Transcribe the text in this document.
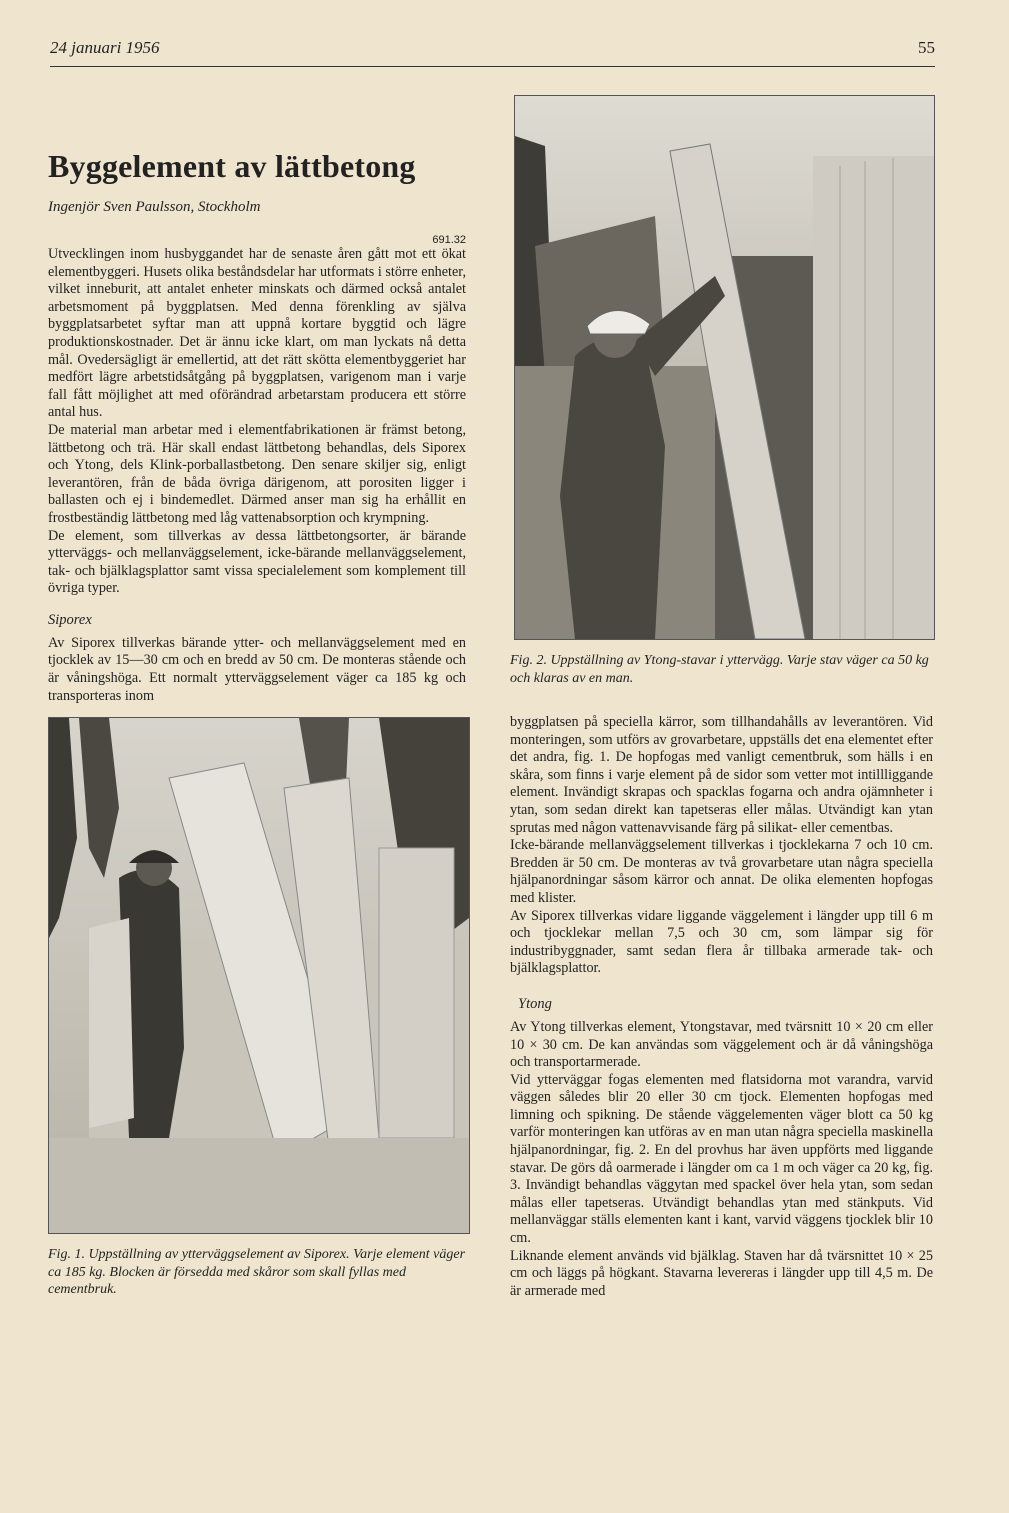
24 januari 1956	55
Byggelement av lättbetong
Ingenjör Sven Paulsson, Stockholm
691.32

Utvecklingen inom husbyggandet har de senaste åren gått mot ett ökat elementbyggeri. Husets olika beståndsdelar har utformats i större enheter, vilket inneburit, att antalet enheter minskats och därmed också antalet arbetsmoment på byggplatsen. Med denna förenkling av själva byggplatsarbetet syftar man att uppnå kortare byggtid och lägre produktionskostnader. Det är ännu icke klart, om man lyckats nå detta mål. Ovedersägligt är emellertid, att det rätt skötta elementbyggeriet har medfört lägre arbetstidsåtgång på byggplatsen, varigenom man i varje fall fått möjlighet att med oförändrad arbetarstam producera ett större antal hus.

De material man arbetar med i elementfabrikationen är främst betong, lättbetong och trä. Här skall endast lättbetong behandlas, dels Siporex och Ytong, dels Klink-porballastbetong. Den senare skiljer sig, enligt leverantören, från de båda övriga därigenom, att porositen ligger i ballasten och ej i bindemedlet. Därmed anser man sig ha erhållit en frostbeständig lättbetong med låg vattenabsorption och krympning.

De element, som tillverkas av dessa lättbetongsorter, är bärande ytterväggs- och mellanväggselement, icke-bärande mellanväggselement, tak- och bjälklagsplattor samt vissa specialelement som komplement till övriga typer.

Siporex

Av Siporex tillverkas bärande ytter- och mellanväggselement med en tjocklek av 15—30 cm och en bredd av 50 cm. De monteras stående och är våningshöga. Ett normalt ytterväggselement väger ca 185 kg och transporteras inom

Fig. 1. Uppställning av ytterväggselement av Siporex. Varje element väger ca 185 kg. Blocken är försedda med skåror som skall fyllas med cementbruk.
Fig. 2. Uppställning av Ytong-stavar i yttervägg. Varje stav väger ca 50 kg och klaras av en man.

byggplatsen på speciella kärror, som tillhandahålls av leverantören. Vid monteringen, som utförs av grovarbetare, uppställs det ena elementet efter det andra, fig. 1. De hopfogas med vanligt cementbruk, som hälls i en skåra, som finns i varje element på de sidor som vetter mot intillliggande element. Invändigt skrapas och spacklas fogarna och andra ojämnheter i ytan, som sedan direkt kan tapetseras eller målas. Utvändigt kan ytan sprutas med någon vattenavvisande färg på silikat- eller cementbas.

Icke-bärande mellanväggselement tillverkas i tjocklekarna 7 och 10 cm. Bredden är 50 cm. De monteras av två grovarbetare utan några speciella hjälpanordningar såsom kärror och annat. De olika elementen hopfogas med klister.

Av Siporex tillverkas vidare liggande väggelement i längder upp till 6 m och tjocklekar mellan 7,5 och 30 cm, som lämpar sig för industribyggnader, samt sedan flera år tillbaka armerade tak- och bjälklagsplattor.

Ytong

Av Ytong tillverkas element, Ytongstavar, med tvärsnitt 10 × 20 cm eller 10 × 30 cm. De kan användas som väggelement och är då våningshöga och transportarmerade.

Vid ytterväggar fogas elementen med flatsidorna mot varandra, varvid väggen således blir 20 eller 30 cm tjock. Elementen hopfogas med limning och spikning. De stående väggelementen väger blott ca 50 kg varför monteringen kan utföras av en man utan några speciella maskinella hjälpanordningar, fig. 2. En del provhus har även uppförts med liggande stavar. De görs då oarmerade i längder om ca 1 m och väger ca 20 kg, fig. 3. Invändigt behandlas väggytan med spackel över hela ytan, som sedan målas eller tapetseras. Utvändigt behandlas ytan med stänkputs. Vid mellanväggar ställs elementen kant i kant, varvid väggens tjocklek blir 10 cm.

Liknande element används vid bjälklag. Staven har då tvärsnittet 10 × 25 cm och läggs på högkant. Stavarna levereras i längder upp till 4,5 m. De är armerade med
